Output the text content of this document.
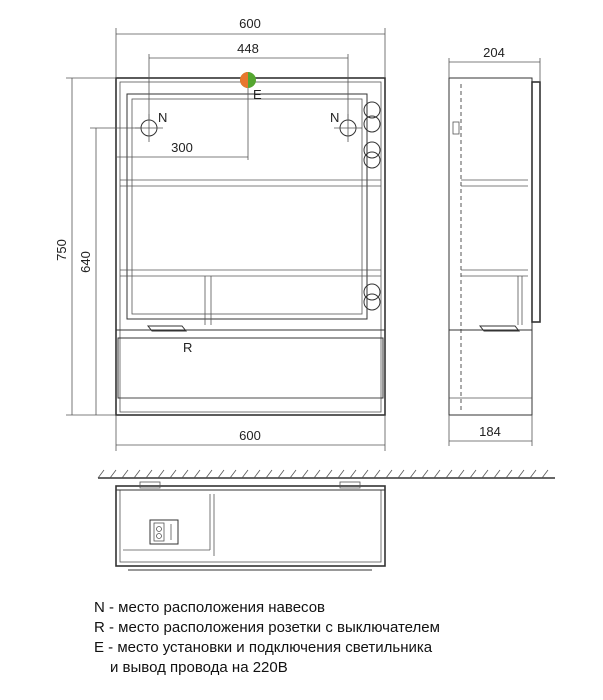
600
448
300
750
640
600
N	N
E
R
204
184
N - место расположения навесов
R - место расположения розетки с выключателем
E - место установки и подключения светильника
и вывод провода на 220В
